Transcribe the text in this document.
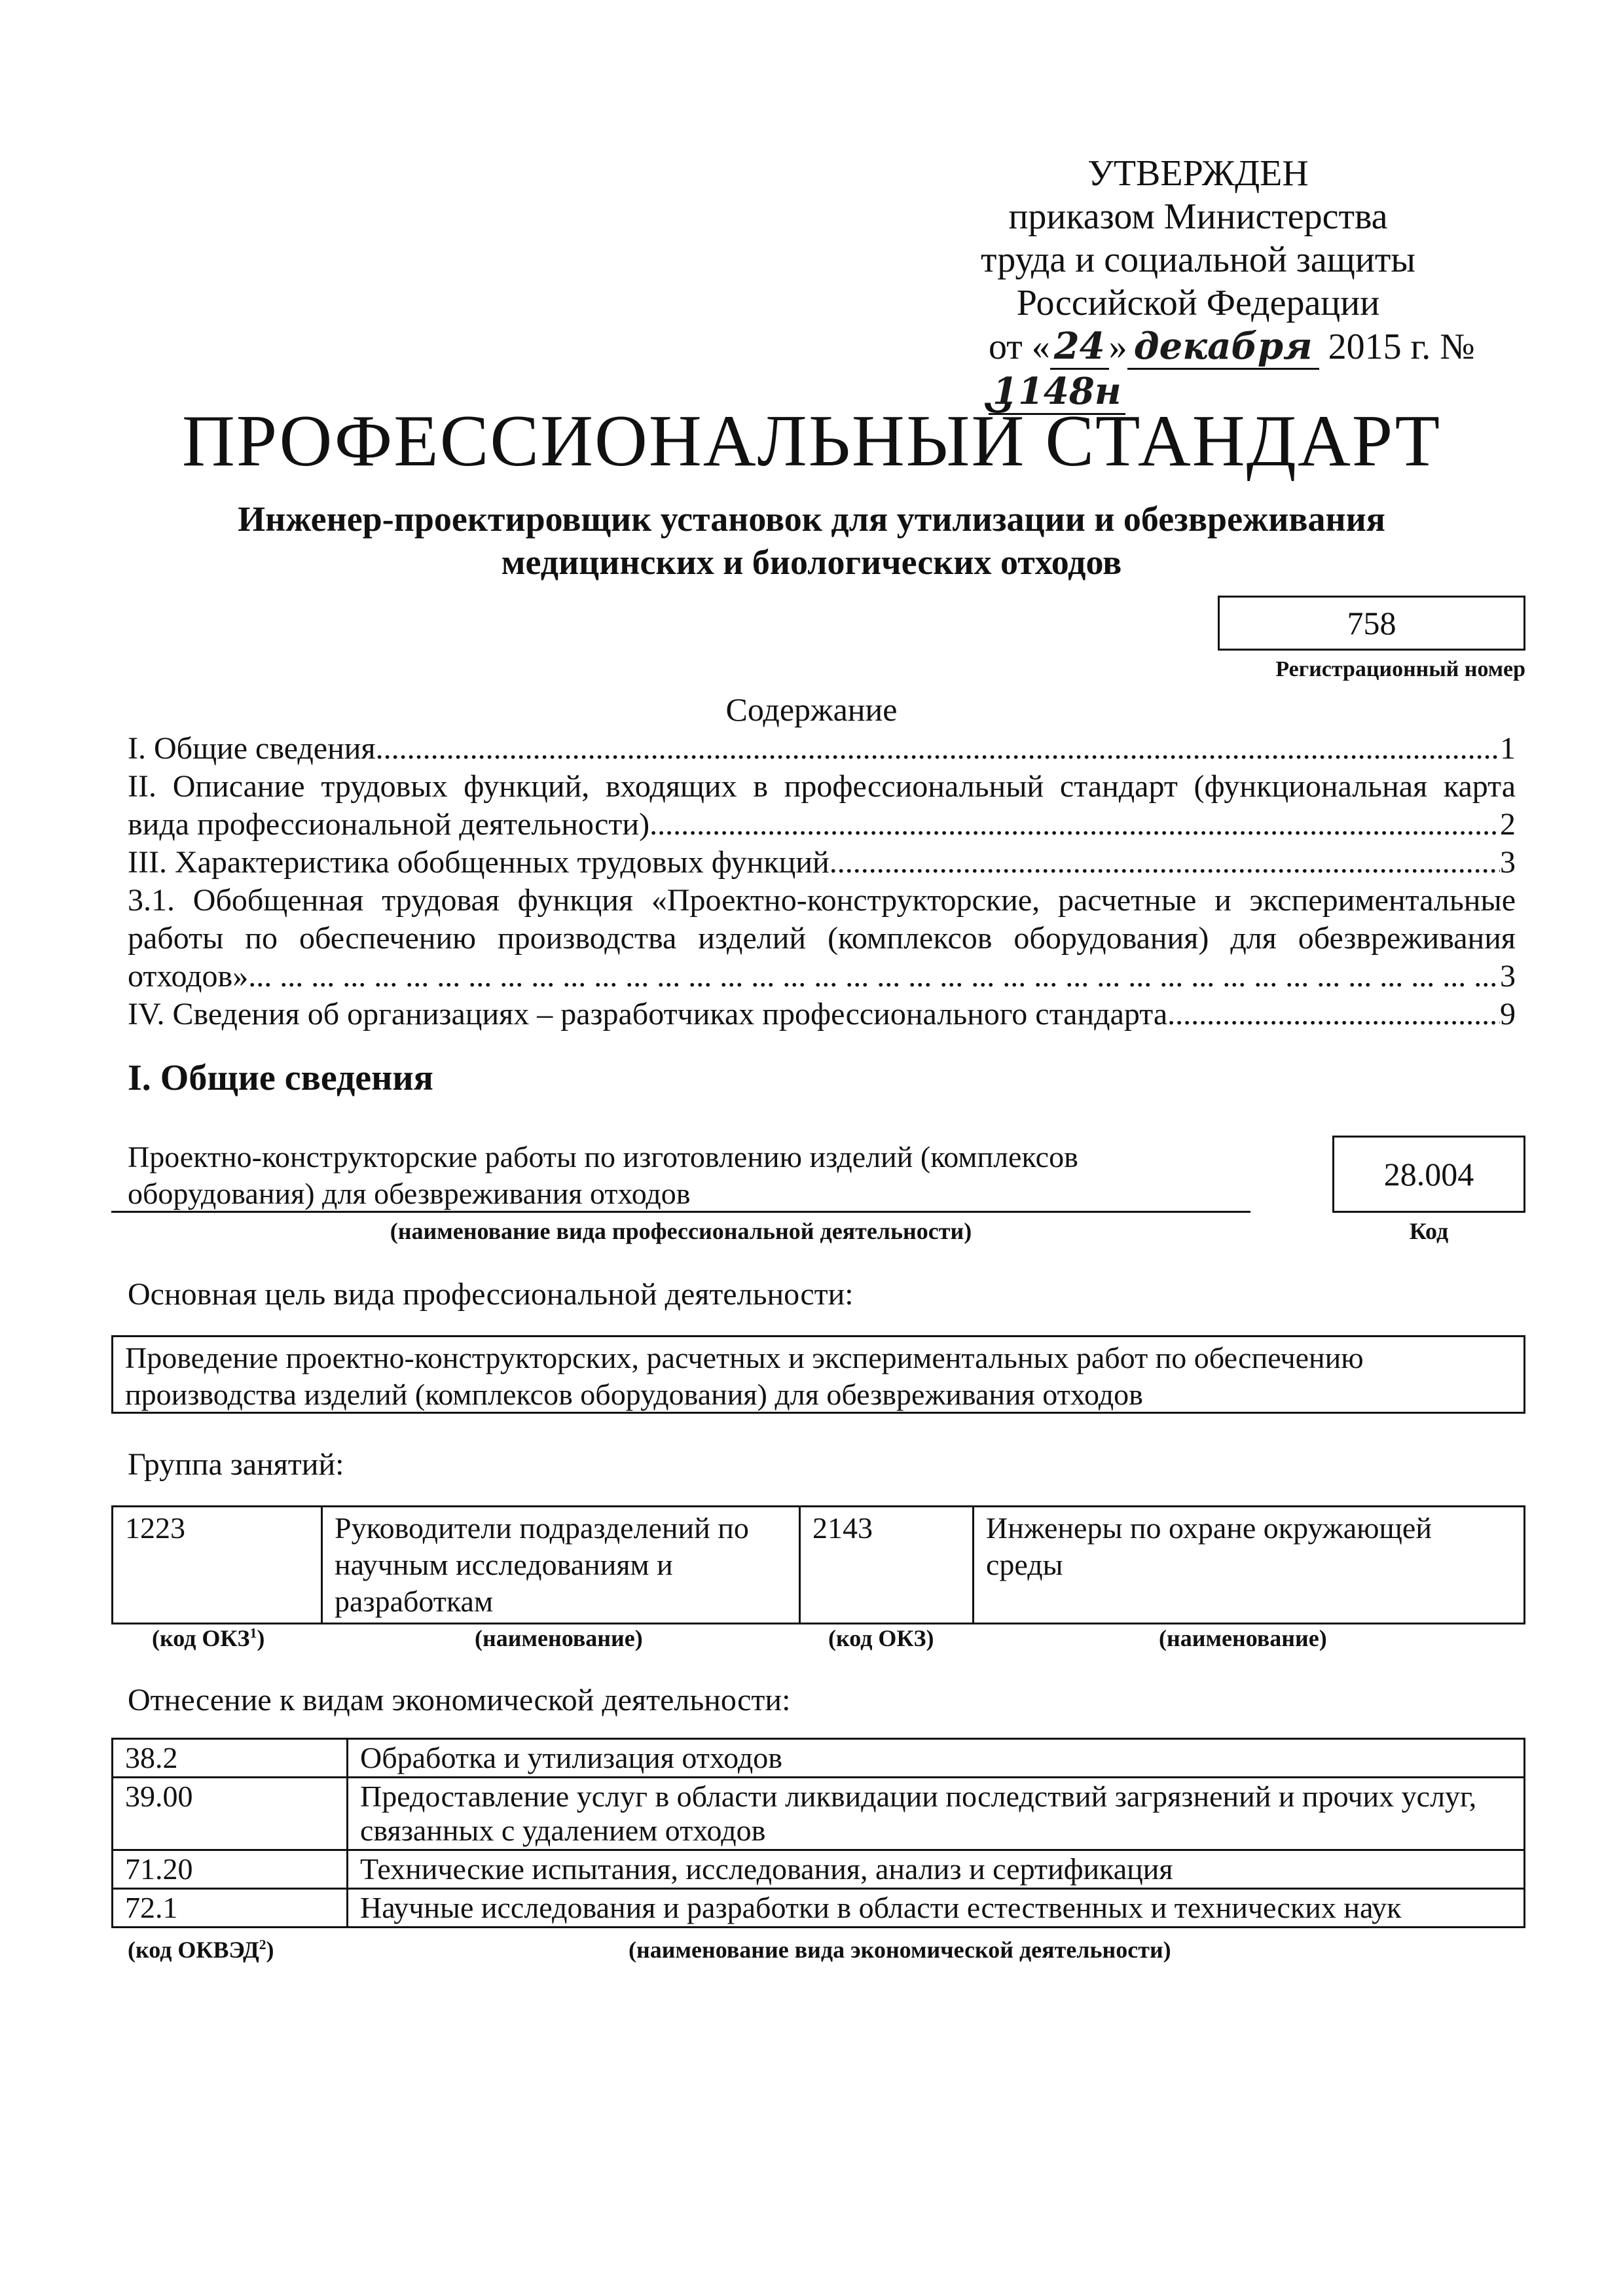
УТВЕРЖДЕН
приказом Министерства
труда и социальной защиты
Российской Федерации
от « 24 » декабря 2015 г. № 1148н
ПРОФЕССИОНАЛЬНЫЙ СТАНДАРТ
Инженер-проектировщик установок для утилизации и обезвреживания
медицинских и биологических отходов
758
Регистрационный номер
Содержание
I. Общие сведения .....	1
II. Описание трудовых функций, входящих в профессиональный стандарт (функциональная карта
вида профессиональной деятельности) .....	2
III. Характеристика обобщенных трудовых функций .....	3
3.1. Обобщенная трудовая функция «Проектно-конструкторские, расчетные и экспериментальные
работы по обеспечению производства изделий (комплексов оборудования) для обезвреживания
отходов» ... .	3
IV. Сведения об организациях – разработчиках профессионального стандарта .....	9
I. Общие сведения
Проектно-конструкторские работы по изготовлению изделий (комплексов
оборудования) для обезвреживания отходов
(наименование вида профессиональной деятельности)
28.004
Код
Основная цель вида профессиональной деятельности:
Проведение проектно-конструкторских, расчетных и экспериментальных работ по обеспечению
производства изделий (комплексов оборудования) для обезвреживания отходов
Группа занятий:
1223	Руководители подразделений по научным исследованиям и разработкам	2143	Инженеры по охране окружающей среды
(код ОКЗ$^1$)	(наименование)	(код ОКЗ)	(наименование)
Отнесение к видам экономической деятельности:
38.2	Обработка и утилизация отходов
39.00	Предоставление услуг в области ликвидации последствий загрязнений и прочих услуг, связанных с удалением отходов
71.20	Технические испытания, исследования, анализ и сертификация
72.1	Научные исследования и разработки в области естественных и технических наук
(код ОКВЭД$^2$)	(наименование вида экономической деятельности)
